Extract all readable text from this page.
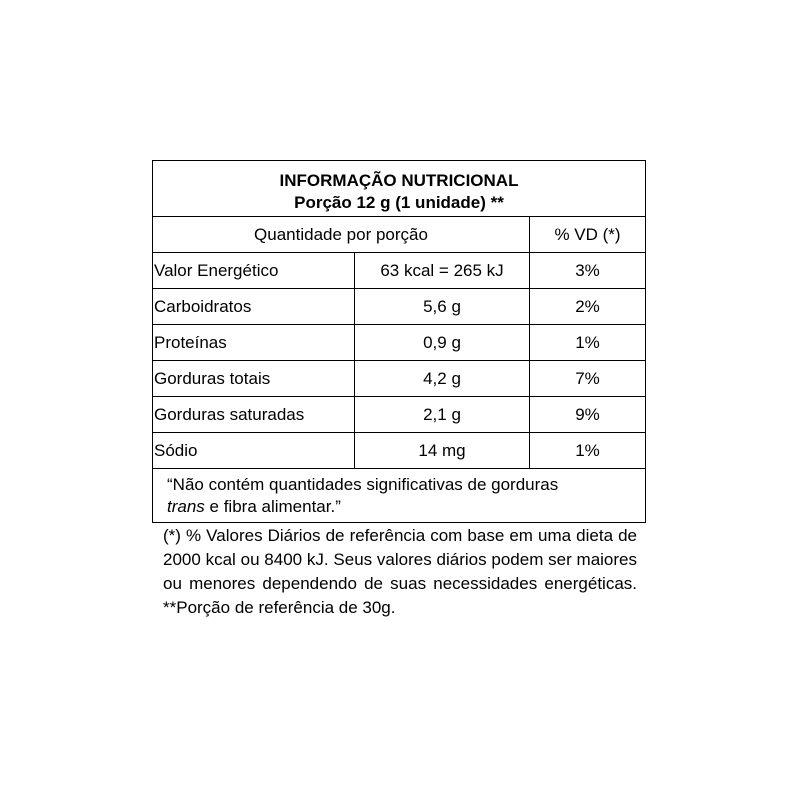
INFORMAÇÃO NUTRICIONAL
Porção 12 g (1 unidade) **
Quantidade por porção	% VD (*)
Valor Energético	63 kcal = 265 kJ	3%
Carboidratos	5,6 g	2%
Proteínas	0,9 g	1%
Gorduras totais	4,2 g	7%
Gorduras saturadas	2,1 g	9%
Sódio	14 mg	1%
“Não contém quantidades significativas de gorduras
trans e fibra alimentar.”
(*) % Valores Diários de referência com base em uma dieta de 2000 kcal ou 8400 kJ. Seus valores diários podem ser maiores ou menores dependendo de suas necessidades energéticas. **Porção de referência de 30g.
